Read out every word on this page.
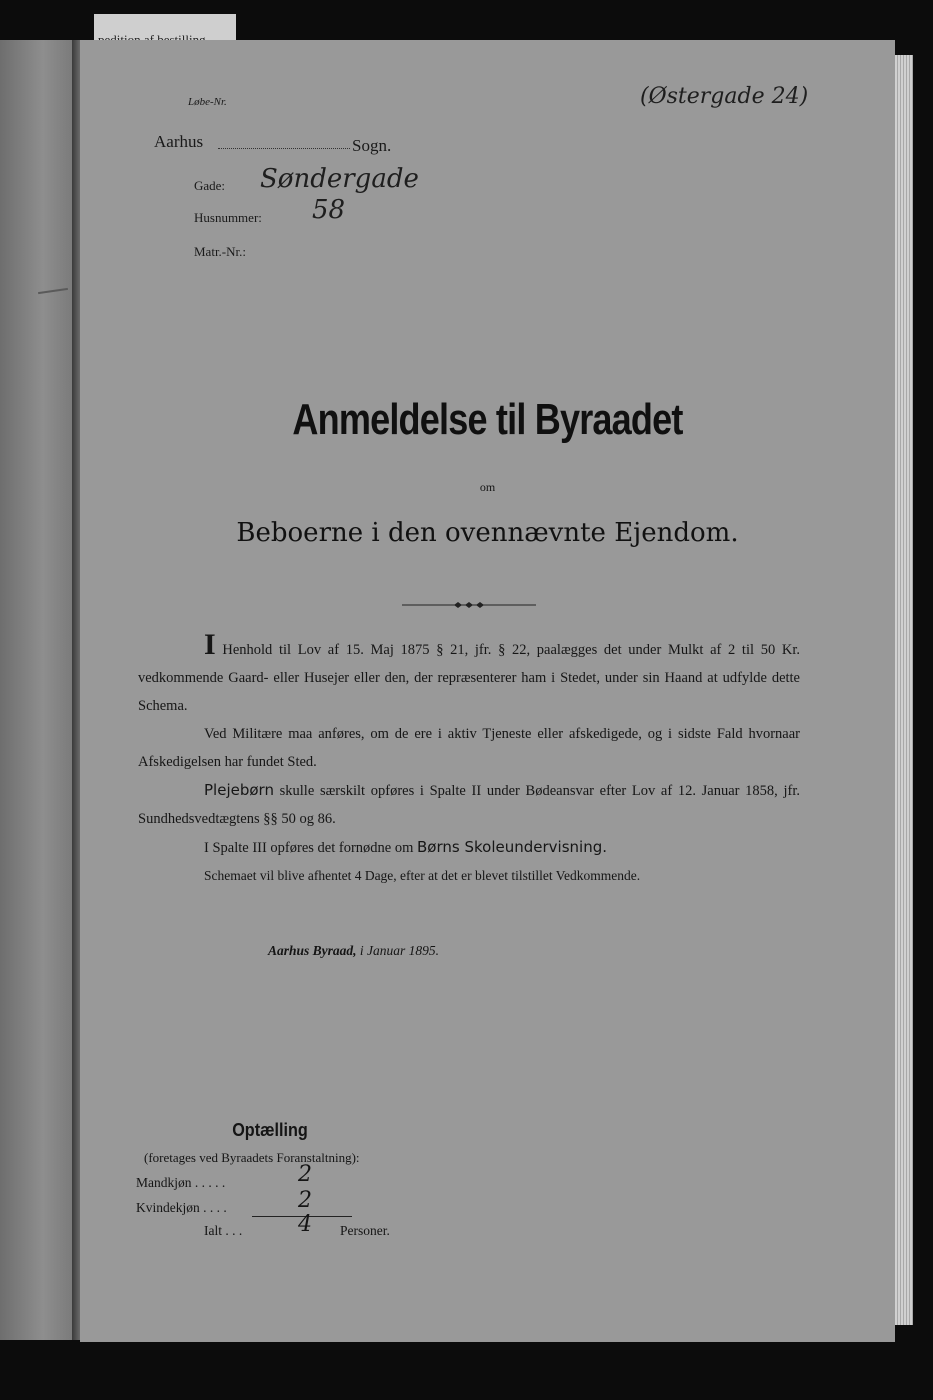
Løbe-Nr.	(Østergade 24)
Aarhus	Sogn.
Gade: Søndergade
Husnummer: 58
Matr.-Nr.:
Anmeldelse til Byraadet
om
Beboerne i den ovennævnte Ejendom.

I Henhold til Lov af 15. Maj 1875 § 21, jfr. § 22, paalægges det under Mulkt af 2 til 50 Kr. vedkommende Gaard- eller Husejer eller den, der repræsenterer ham i Stedet, under sin Haand at udfylde dette Schema.

Ved Militære maa anføres, om de ere i aktiv Tjeneste eller afskedigede, og i sidste Fald hvornaar Afskedigelsen har fundet Sted.

Plejebørn skulle særskilt opføres i Spalte II under Bødeansvar efter Lov af 12. Januar 1858, jfr. Sundhedsvedtægtens §§ 50 og 86.

I Spalte III opføres det fornødne om Børns Skoleundervisning.

Schemaet vil blive afhentet 4 Dage, efter at det er blevet tilstillet Vedkommende.

Aarhus Byraad, i Januar 1895.
Optælling
(foretages ved Byraadets Foranstaltning):
Mandkjøn . . . . .	2
Kvindekjøn . . . .	2
Ialt . . .	4 Personer.
